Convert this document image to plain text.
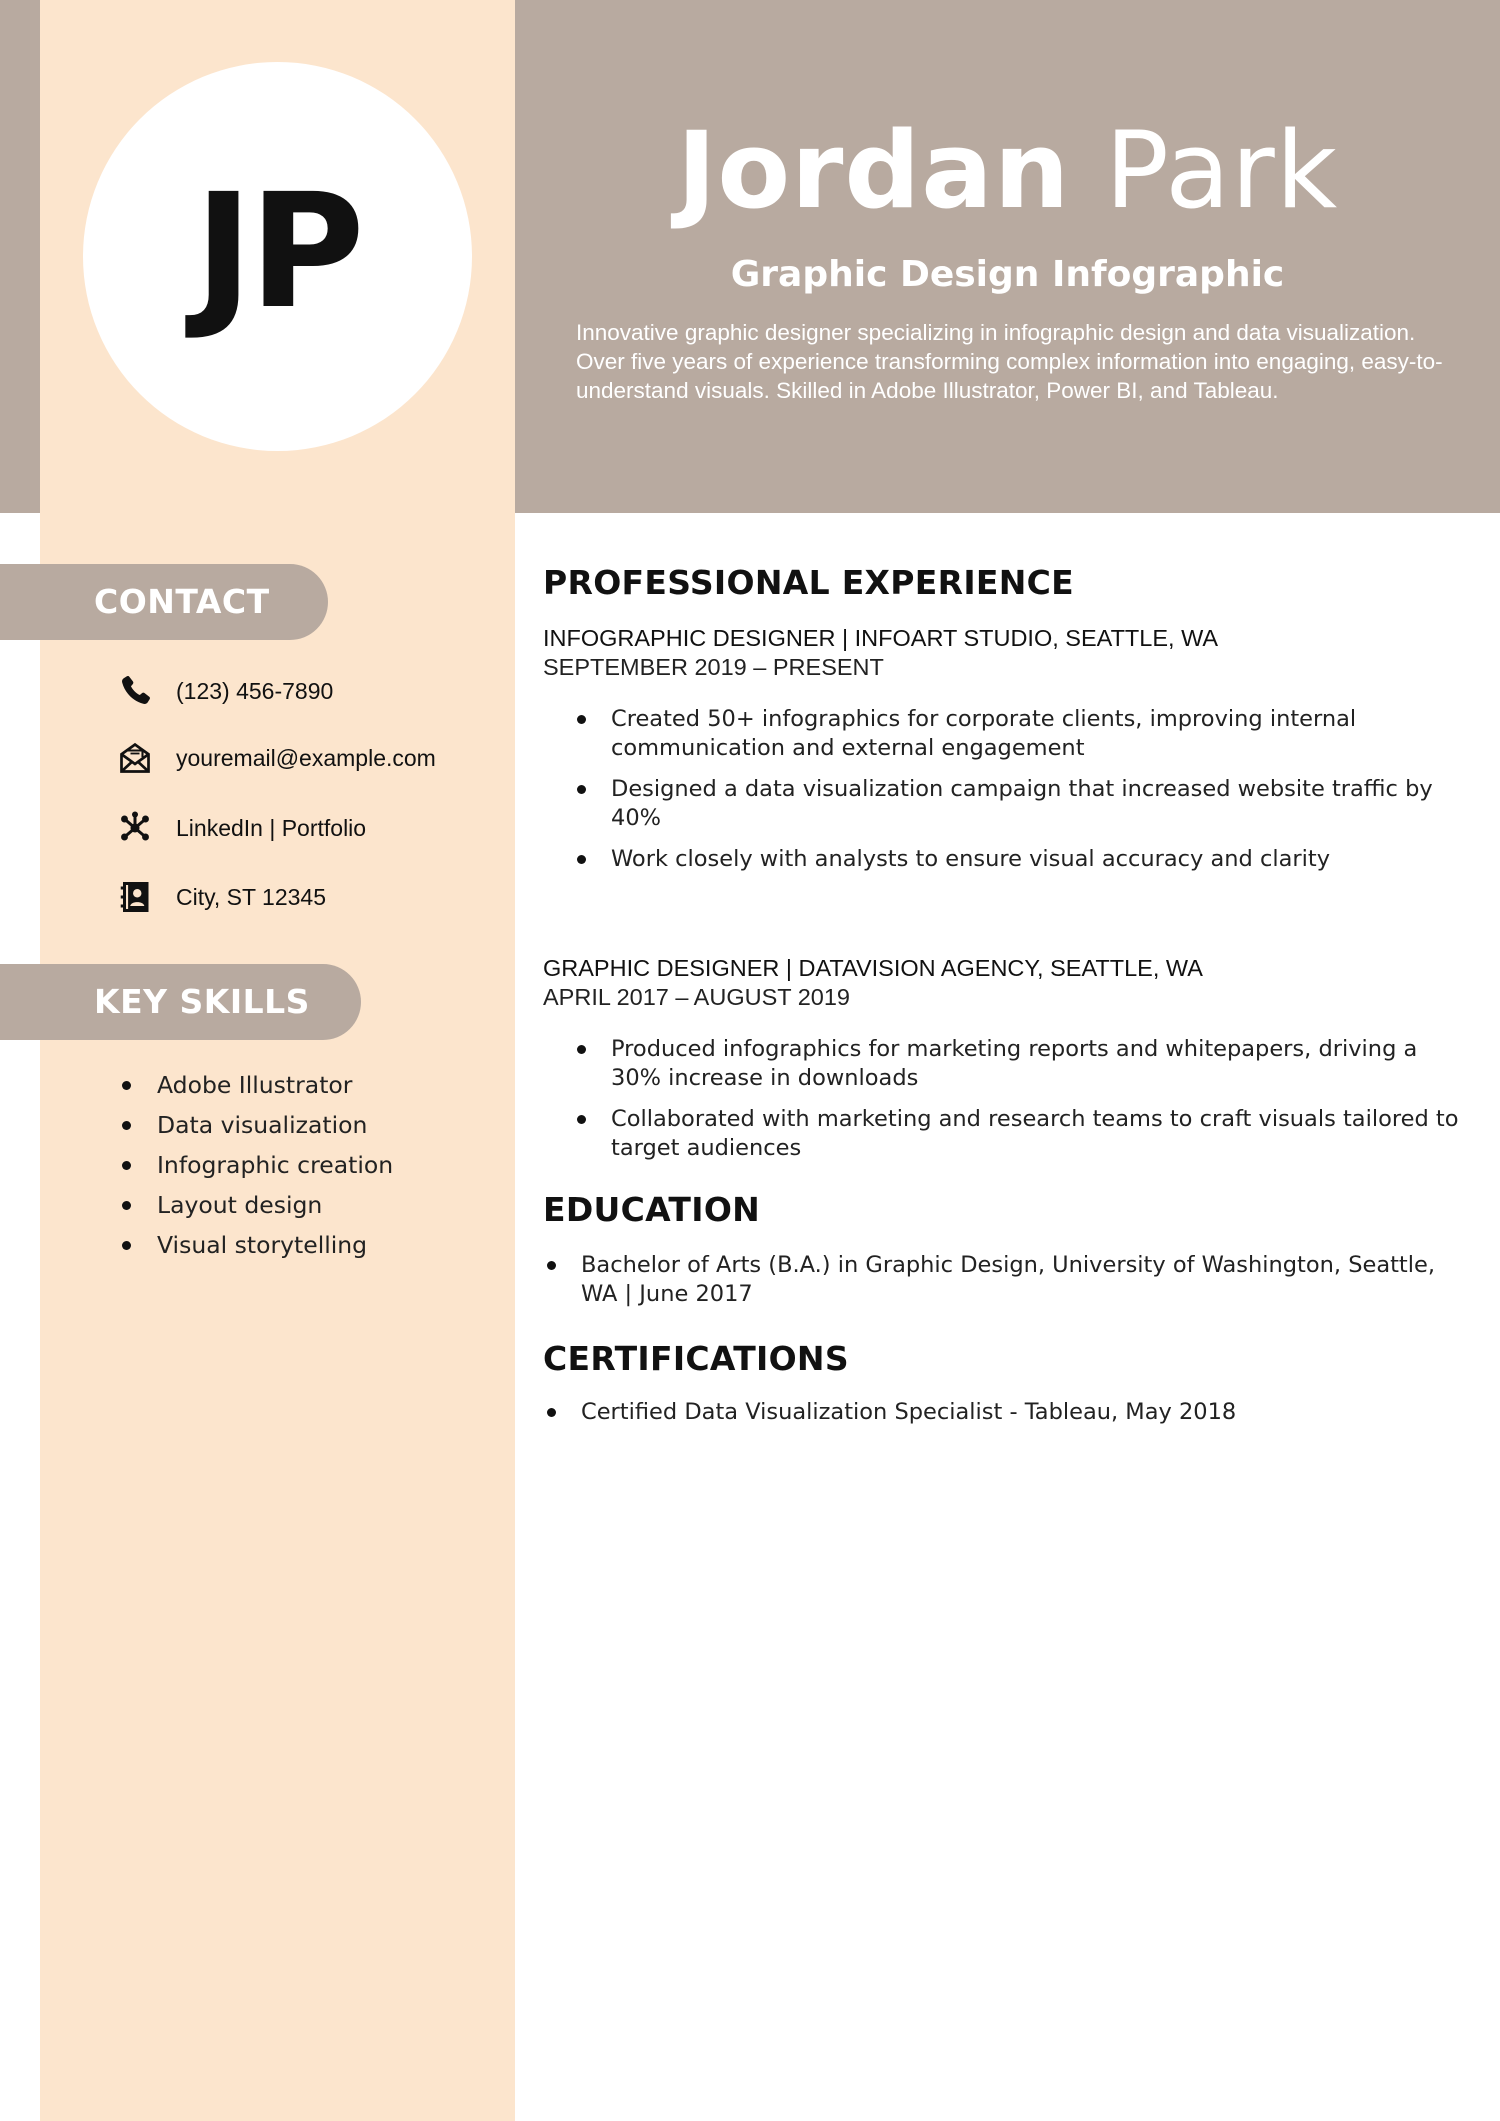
JP	Jordan Park
Graphic Design Infographic
Innovative graphic designer specializing in infographic design and data visualization. Over five years of experience transforming complex information into engaging, easy-to-understand visuals. Skilled in Adobe Illustrator, Power BI, and Tableau.
CONTACT
(123) 456-7890
youremail@example.com
LinkedIn | Portfolio
City, ST 12345
KEY SKILLS
Adobe Illustrator
Data visualization
Infographic creation
Layout design
Visual storytelling
PROFESSIONAL EXPERIENCE
INFOGRAPHIC DESIGNER | INFOART STUDIO, SEATTLE, WA
SEPTEMBER 2019 – PRESENT
Created 50+ infographics for corporate clients, improving internal communication and external engagement
Designed a data visualization campaign that increased website traffic by 40%
Work closely with analysts to ensure visual accuracy and clarity
GRAPHIC DESIGNER | DATAVISION AGENCY, SEATTLE, WA
APRIL 2017 – AUGUST 2019
Produced infographics for marketing reports and whitepapers, driving a 30% increase in downloads
Collaborated with marketing and research teams to craft visuals tailored to target audiences
EDUCATION
Bachelor of Arts (B.A.) in Graphic Design, University of Washington, Seattle, WA | June 2017
CERTIFICATIONS
Certified Data Visualization Specialist - Tableau, May 2018
